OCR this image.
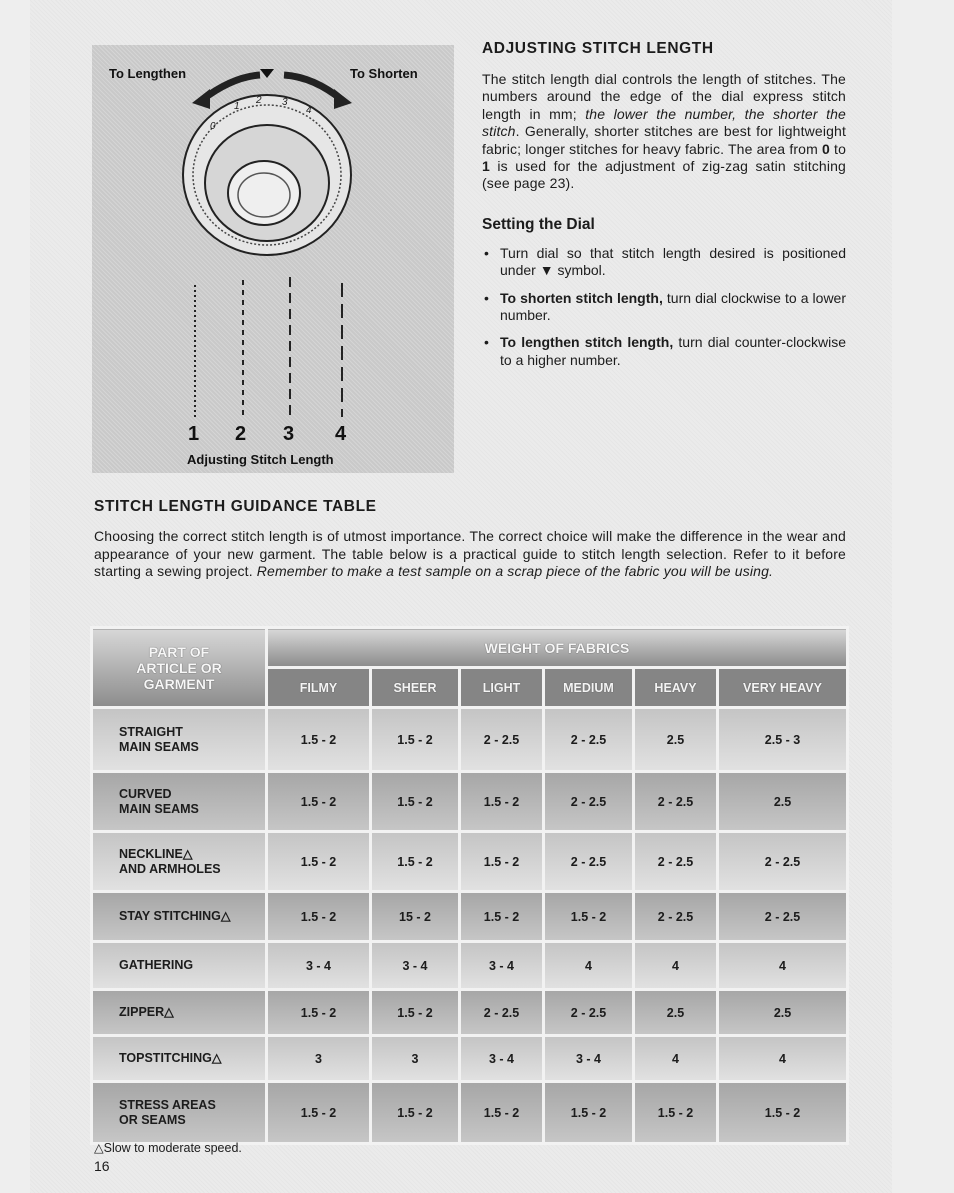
0
1
2 3
4
To Lengthen	To Shorten
1 2 3 4
Adjusting Stitch Length
ADJUSTING STITCH LENGTH

The stitch length dial controls the length of stitches. The numbers around the edge of the dial express stitch length in mm; the lower the number, the shorter the stitch. Generally, shorter stitches are best for lightweight fabric; longer stitches for heavy fabric. The area from 0 to 1 is used for the adjustment of zig-zag satin stitching (see page 23).

Setting the Dial
• Turn dial so that stitch length desired is positioned under ▼ symbol.
• To shorten stitch length, turn dial clockwise to a lower number.
• To lengthen stitch length, turn dial counter-clockwise to a higher number.
STITCH LENGTH GUIDANCE TABLE

Choosing the correct stitch length is of utmost importance. The correct choice will make the difference in the wear and appearance of your new garment. The table below is a practical guide to stitch length selection. Refer to it before starting a sewing project. Remember to make a test sample on a scrap piece of the fabric you will be using.

PART OF
ARTICLE OR
GARMENT	WEIGHT OF FABRICS					
	FILMY	SHEER	LIGHT	MEDIUM	HEAVY	VERY HEAVY

STRAIGHT
MAIN SEAMS	1.5 - 2	1.5 - 2	2 - 2.5	2 - 2.5	2.5	2.5 - 3

CURVED
MAIN SEAMS	1.5 - 2	1.5 - 2	1.5 - 2	2 - 2.5	2 - 2.5	2.5

NECKLINE△
AND ARMHOLES	1.5 - 2	1.5 - 2	1.5 - 2	2 - 2.5	2 - 2.5	2 - 2.5

STAY STITCHING△	1.5 - 2	15 - 2	1.5 - 2	1.5 - 2	2 - 2.5	2 - 2.5

GATHERING	3 - 4	3 - 4	3 - 4	4	4	4

ZIPPER△	1.5 - 2	1.5 - 2	2 - 2.5	2 - 2.5	2.5	2.5

TOPSTITCHING△	3	3	3 - 4	3 - 4	4	4

STRESS AREAS
OR SEAMS	1.5 - 2	1.5 - 2	1.5 - 2	1.5 - 2	1.5 - 2	1.5 - 2
△Slow to moderate speed.
16
